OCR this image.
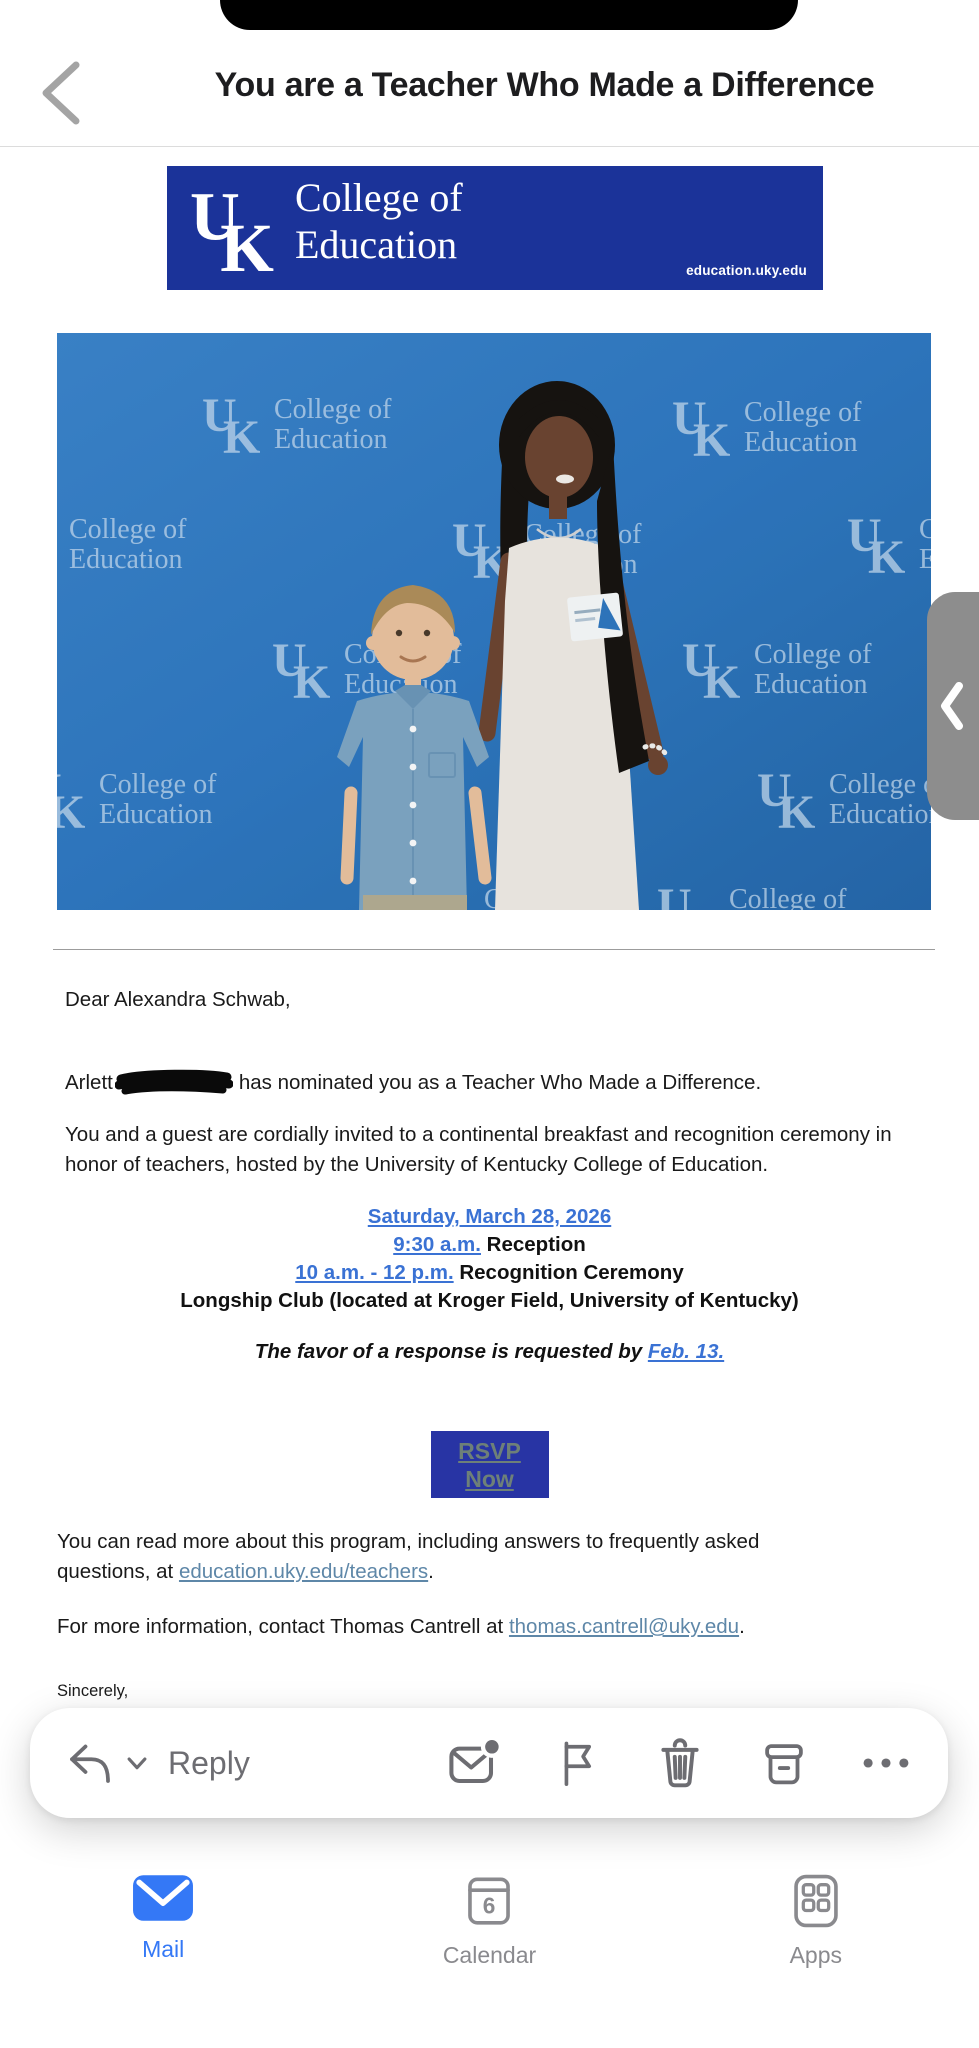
You are a Teacher Who Made a Difference
College of
Education
education.uky.edu
Dear Alexandra Schwab,
Arlett	has nominated you as a Teacher Who Made a Difference.
You and a guest are cordially invited to a continental breakfast and recognition ceremony in honor of teachers, hosted by the University of Kentucky College of Education.
Saturday, March 28, 2026
9:30 a.m. Reception
10 a.m. - 12 p.m. Recognition Ceremony
Longship Club (located at Kroger Field, University of Kentucky)
The favor of a response is requested by Feb. 13.
RSVP
Now
You can read more about this program, including answers to frequently asked questions, at education.uky.edu/teachers.
For more information, contact Thomas Cantrell at thomas.cantrell@uky.edu.
Sincerely,
Reply
Mail
6
Calendar	Apps
